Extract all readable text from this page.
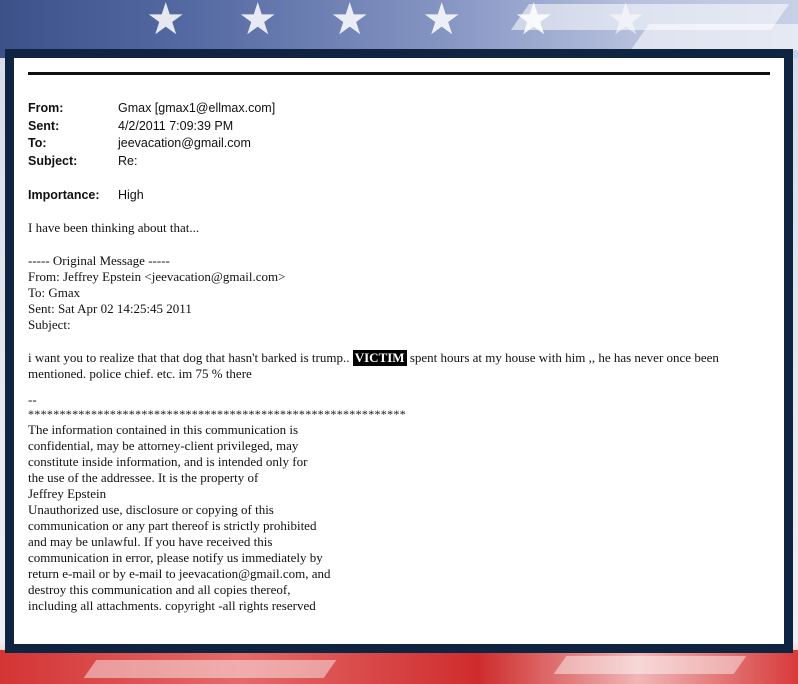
★ ★ ★ ★ ★ ★
From:	Gmax [gmax1@ellmax.com]
Sent:	4/2/2011 7:09:39 PM
To:	jeevacation@gmail.com
Subject:	Re:
Importance: High
I have been thinking about that...
----- Original Message -----
From: Jeffrey Epstein <jeevacation@gmail.com>
To: Gmax
Sent: Sat Apr 02 14:25:45 2011
Subject:
i want you to realize that that dog that hasn't barked is trump.. VICTIM spent hours at my house with him ,, he has never once been
mentioned. police chief. etc. im 75 % there
--
************************************************************
The information contained in this communication is
confidential, may be attorney-client privileged, may
constitute inside information, and is intended only for
the use of the addressee. It is the property of
Jeffrey Epstein
Unauthorized use, disclosure or copying of this
communication or any part thereof is strictly prohibited
and may be unlawful. If you have received this
communication in error, please notify us immediately by
return e-mail or by e-mail to jeevacation@gmail.com, and
destroy this communication and all copies thereof,
including all attachments. copyright -all rights reserved
